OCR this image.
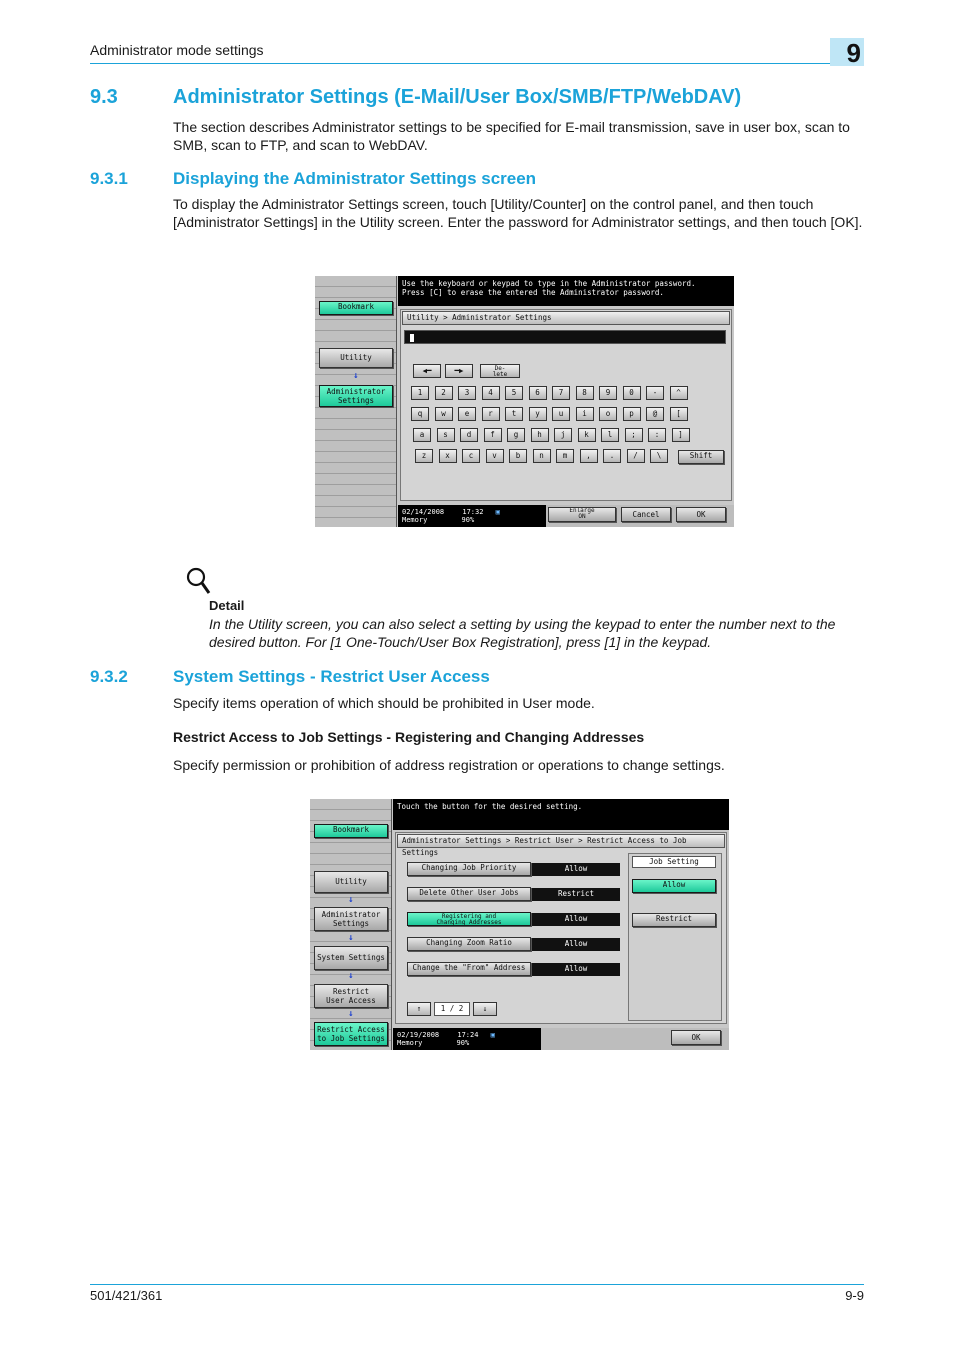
Administrator mode settings	9
9.3	Administrator Settings (E-Mail/User Box/SMB/FTP/WebDAV)
The section describes Administrator settings to be specified for E-mail transmission, save in user box, scan to SMB, scan to FTP, and scan to WebDAV.
9.3.1	Displaying the Administrator Settings screen
To display the Administrator Settings screen, touch [Utility/Counter] on the control panel, and then touch [Administrator Settings] in the Utility screen. Enter the password for Administrator settings, and then touch [OK].
Bookmark
Utility
↓
Administrator
Settings
Use the keyboard or keypad to type in the Administrator password.
Press [C] to erase the entered the Administrator password.
Utility > Administrator Settings
◀━	━▶	De-
lete
1	2	3	4	5	6	7	8	9	0	-	^
q	w	e	r	t	y	u	i	o	p	@	[
a	s	d	f	g	h	j	k	l	;	:	]
z	x	c	v	b	n	m	,	.	/	\	Shift
02/14/2008	17:32 ▣
Memory	90%
Enlarge
ON	Cancel	OK
Detail
In the Utility screen, you can also select a setting by using the keypad to enter the number next to the desired button. For [1 One-Touch/User Box Registration], press [1] in the keypad.
9.3.2	System Settings - Restrict User Access
Specify items operation of which should be prohibited in User mode.
Restrict Access to Job Settings - Registering and Changing Addresses
Specify permission or prohibition of address registration or operations to change settings.
Bookmark
Utility
↓
Administrator
Settings
↓
System Settings
↓
Restrict
User Access
↓
Restrict Access
to Job Settings
Touch the button for the desired setting.
Administrator Settings > Restrict User > Restrict Access to Job Settings
Changing Job Priority	Allow
Delete Other User Jobs	Restrict
Registering and
Changing Addresses	Allow
Changing Zoom Ratio	Allow
Change the "From" Address	Allow
↑	1 / 2	↓
Job Setting
Allow
Restrict
02/19/2008	17:24 ▣
Memory	90%
OK
501/421/361	9-9
